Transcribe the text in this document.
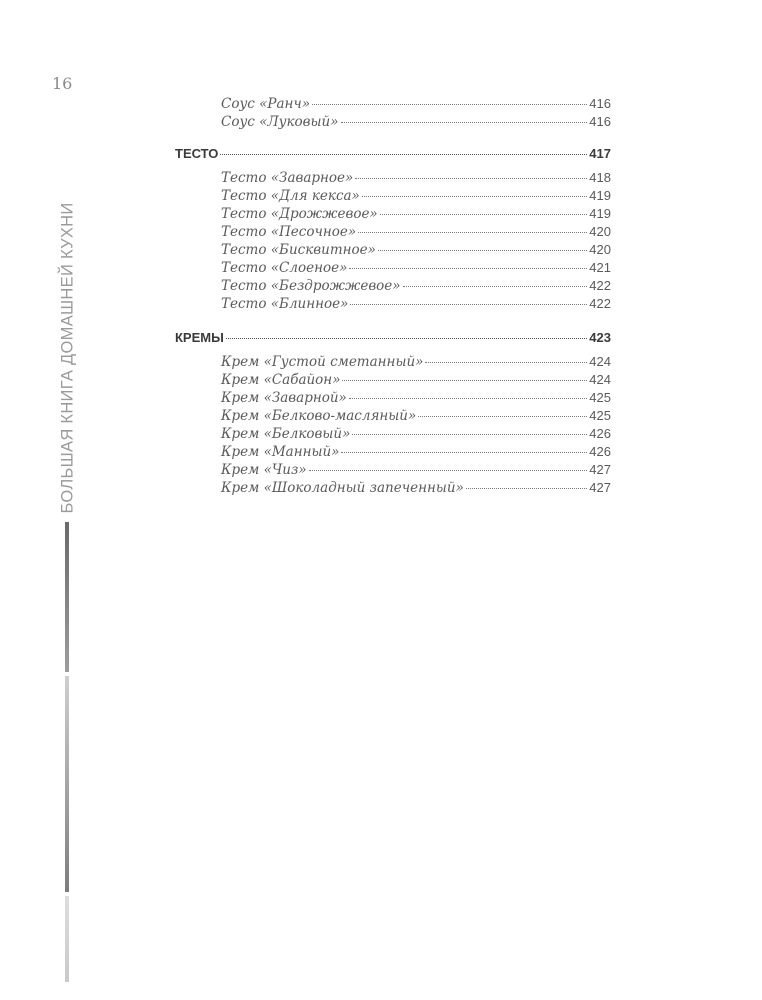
16
БОЛЬШАЯ КНИГА ДОМАШНЕЙ КУХНИ
Соус «Ранч»	416
Соус «Луковый»	416
ТЕСТО	417
Тесто «Заварное»	418
Тесто «Для кекса»	419
Тесто «Дрожжевое»	419
Тесто «Песочное»	420
Тесто «Бисквитное»	420
Тесто «Слоеное»	421
Тесто «Бездрожжевое»	422
Тесто «Блинное»	422
КРЕМЫ	423
Крем «Густой сметанный»	424
Крем «Сабайон»	424
Крем «Заварной»	425
Крем «Белково-масляный»	425
Крем «Белковый»	426
Крем «Манный»	426
Крем «Чиз»	427
Крем «Шоколадный запеченный»	427
